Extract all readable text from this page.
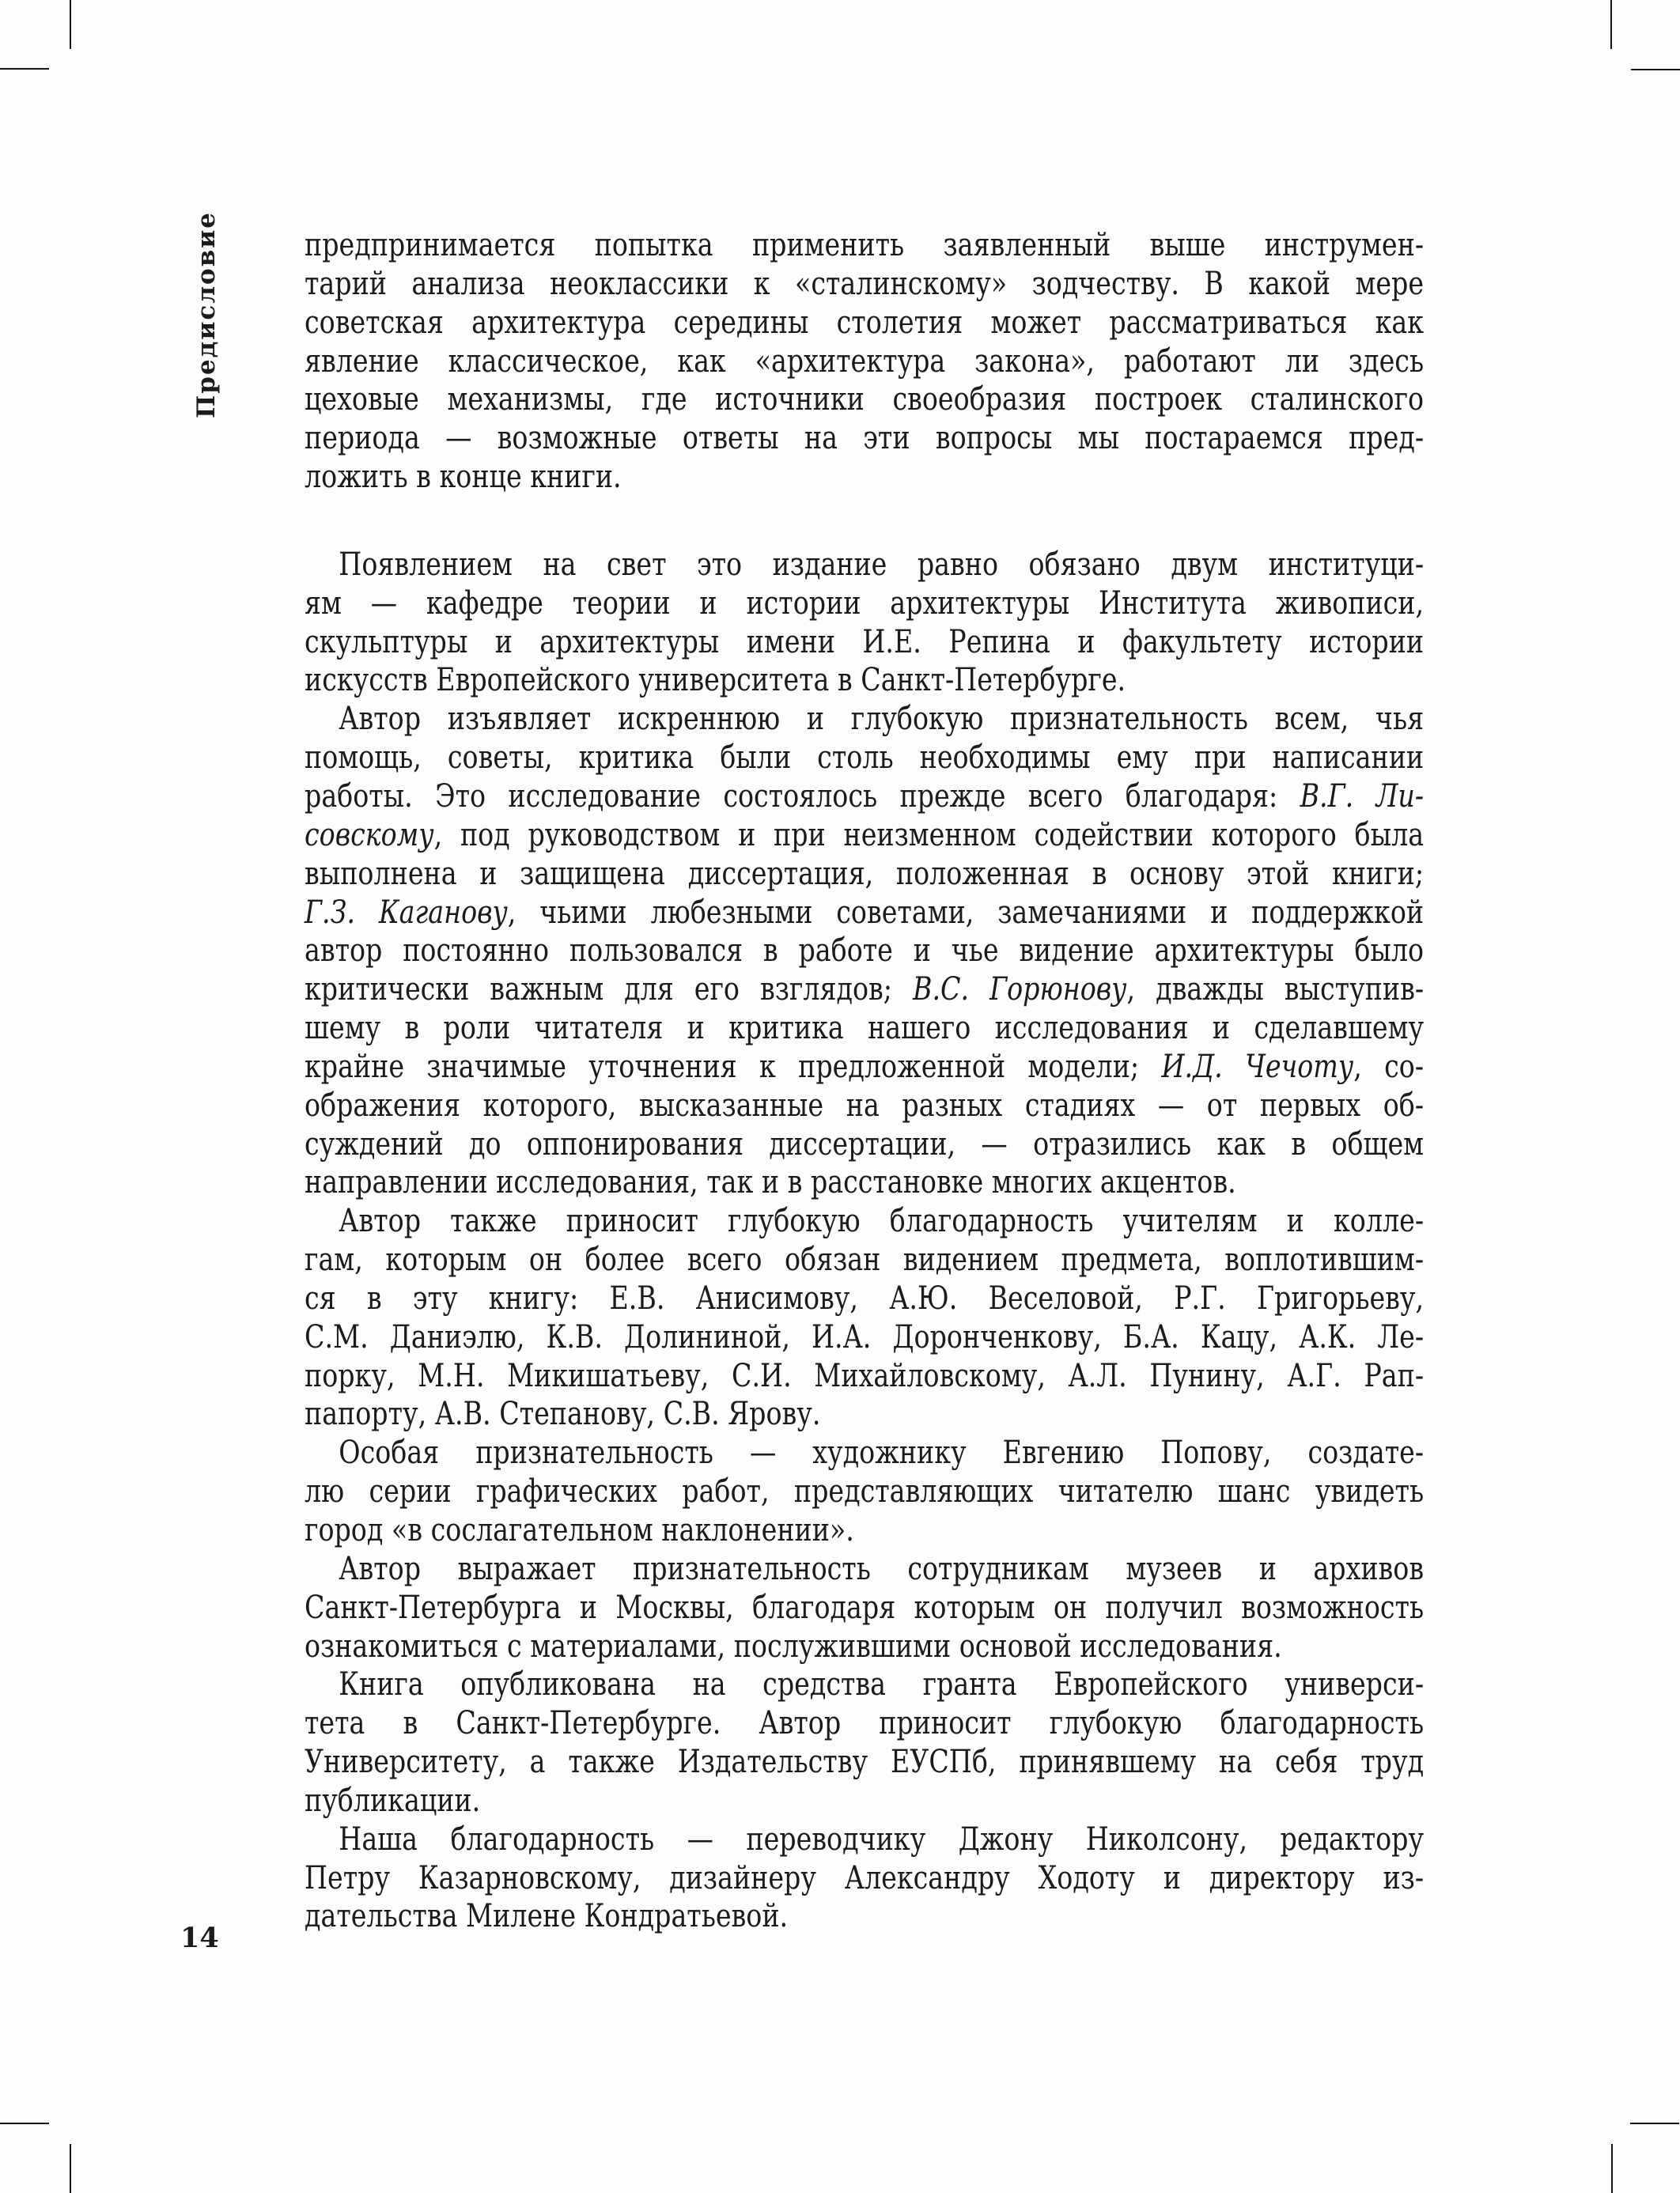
Предисловие	предпринимается попытка применить заявленный выше инструмен-
тарий анализа неоклассики к «сталинскому» зодчеству. В какой мере
советская архитектура середины столетия может рассматриваться как
явление классическое, как «архитектура закона», работают ли здесь
цеховые механизмы, где источники своеобразия построек сталинского
периода — возможные ответы на эти вопросы мы постараемся пред-
ложить в конце книги.
Появлением на свет это издание равно обязано двум институци-
ям — кафедре теории и истории архитектуры Института живописи,
скульптуры и архитектуры имени И.Е. Репина и факультету истории
искусств Европейского университета в Санкт-Петербурге.
Автор изъявляет искреннюю и глубокую признательность всем, чья
помощь, советы, критика были столь необходимы ему при написании
работы. Это исследование состоялось прежде всего благодаря: В.Г. Ли-
совскому, под руководством и при неизменном содействии которого была
выполнена и защищена диссертация, положенная в основу этой книги;
Г.З. Каганову, чьими любезными советами, замечаниями и поддержкой
автор постоянно пользовался в работе и чье видение архитектуры было
критически важным для его взглядов; В.С. Горюнову, дважды выступив-
шему в роли читателя и критика нашего исследования и сделавшему
крайне значимые уточнения к предложенной модели; И.Д. Чечоту, со-
ображения которого, высказанные на разных стадиях — от первых об-
суждений до оппонирования диссертации, — отразились как в общем
направлении исследования, так и в расстановке многих акцентов.
Автор также приносит глубокую благодарность учителям и колле-
гам, которым он более всего обязан видением предмета, воплотившим-
ся в эту книгу: Е.В. Анисимову, А.Ю. Веселовой, Р.Г. Григорьеву,
С.М. Даниэлю, К.В. Долининой, И.А. Доронченкову, Б.А. Кацу, А.К. Ле-
порку, М.Н. Микишатьеву, С.И. Михайловскому, А.Л. Пунину, А.Г. Рап-
папорту, А.В. Степанову, С.В. Ярову.
Особая признательность — художнику Евгению Попову, создате-
лю серии графических работ, представляющих читателю шанс увидеть
город «в сослагательном наклонении».
Автор выражает признательность сотрудникам музеев и архивов
Санкт-Петербурга и Москвы, благодаря которым он получил возможность
ознакомиться с материалами, послужившими основой исследования.
Книга опубликована на средства гранта Европейского универси-
тета в Санкт-Петербурге. Автор приносит глубокую благодарность
Университету, а также Издательству ЕУСПб, принявшему на себя труд
публикации.
Наша благодарность — переводчику Джону Николсону, редактору
Петру Казарновскому, дизайнеру Александру Ходоту и директору из-
дательства Милене Кондратьевой.
14
